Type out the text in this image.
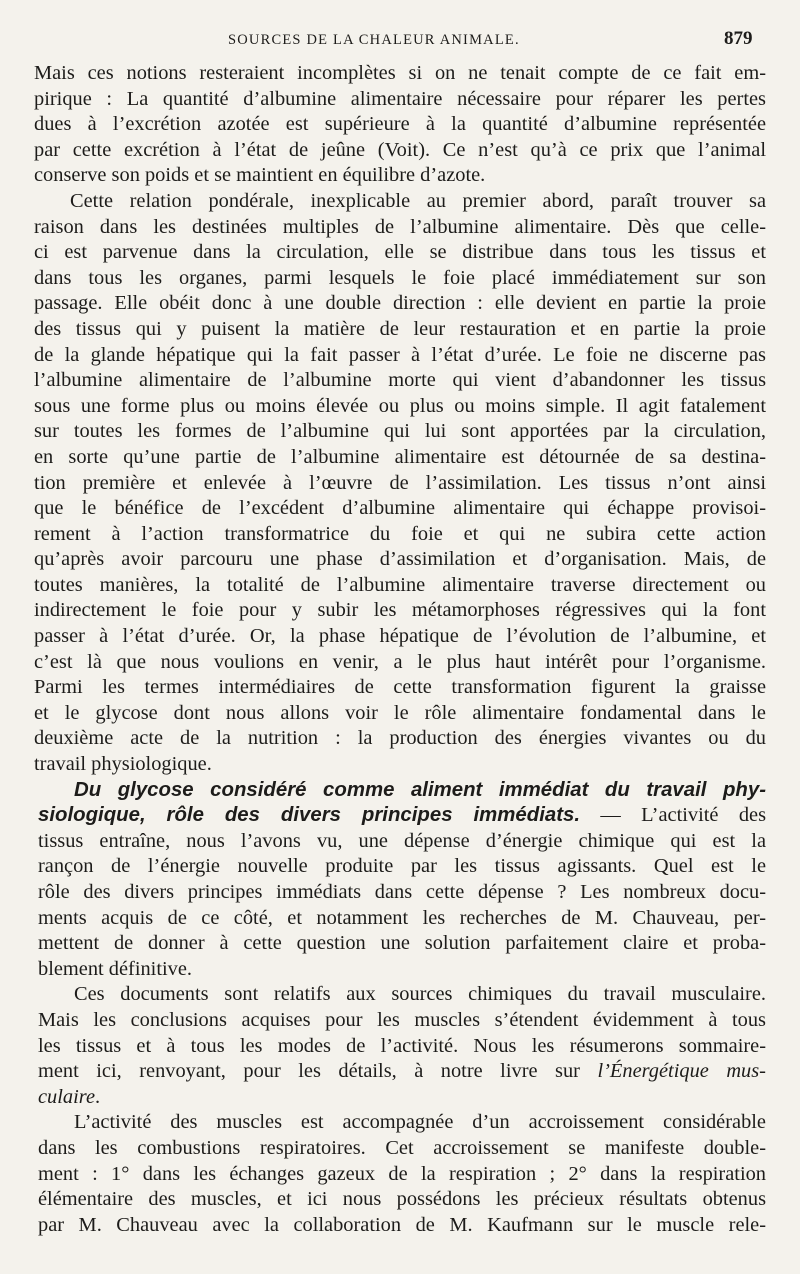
SOURCES DE LA CHALEUR ANIMALE.	879
Mais ces notions resteraient incomplètes si on ne tenait compte de ce fait em-
pirique : La quantité d’albumine alimentaire nécessaire pour réparer les pertes
dues à l’excrétion azotée est supérieure à la quantité d’albumine représentée
par cette excrétion à l’état de jeûne (Voit). Ce n’est qu’à ce prix que l’animal
conserve son poids et se maintient en équilibre d’azote.
Cette relation pondérale, inexplicable au premier abord, paraît trouver sa
raison dans les destinées multiples de l’albumine alimentaire. Dès que celle-
ci est parvenue dans la circulation, elle se distribue dans tous les tissus et
dans tous les organes, parmi lesquels le foie placé immédiatement sur son
passage. Elle obéit donc à une double direction : elle devient en partie la proie
des tissus qui y puisent la matière de leur restauration et en partie la proie
de la glande hépatique qui la fait passer à l’état d’urée. Le foie ne discerne pas
l’albumine alimentaire de l’albumine morte qui vient d’abandonner les tissus
sous une forme plus ou moins élevée ou plus ou moins simple. Il agit fatalement
sur toutes les formes de l’albumine qui lui sont apportées par la circulation,
en sorte qu’une partie de l’albumine alimentaire est détournée de sa destina-
tion première et enlevée à l’œuvre de l’assimilation. Les tissus n’ont ainsi
que le bénéfice de l’excédent d’albumine alimentaire qui échappe provisoi-
rement à l’action transformatrice du foie et qui ne subira cette action
qu’après avoir parcouru une phase d’assimilation et d’organisation. Mais, de
toutes manières, la totalité de l’albumine alimentaire traverse directement ou
indirectement le foie pour y subir les métamorphoses régressives qui la font
passer à l’état d’urée. Or, la phase hépatique de l’évolution de l’albumine, et
c’est là que nous voulions en venir, a le plus haut intérêt pour l’organisme.
Parmi les termes intermédiaires de cette transformation figurent la graisse
et le glycose dont nous allons voir le rôle alimentaire fondamental dans le
deuxième acte de la nutrition : la production des énergies vivantes ou du
travail physiologique.
Du glycose considéré comme aliment immédiat du travail phy-
siologique, rôle des divers principes immédiats. — L’activité des
tissus entraîne, nous l’avons vu, une dépense d’énergie chimique qui est la
rançon de l’énergie nouvelle produite par les tissus agissants. Quel est le
rôle des divers principes immédiats dans cette dépense ? Les nombreux docu-
ments acquis de ce côté, et notamment les recherches de M. Chauveau, per-
mettent de donner à cette question une solution parfaitement claire et proba-
blement définitive.
Ces documents sont relatifs aux sources chimiques du travail musculaire.
Mais les conclusions acquises pour les muscles s’étendent évidemment à tous
les tissus et à tous les modes de l’activité. Nous les résumerons sommaire-
ment ici, renvoyant, pour les détails, à notre livre sur l’Énergétique mus-
culaire.
L’activité des muscles est accompagnée d’un accroissement considérable
dans les combustions respiratoires. Cet accroissement se manifeste double-
ment : 1° dans les échanges gazeux de la respiration ; 2° dans la respiration
élémentaire des muscles, et ici nous possédons les précieux résultats obtenus
par M. Chauveau avec la collaboration de M. Kaufmann sur le muscle rele-
